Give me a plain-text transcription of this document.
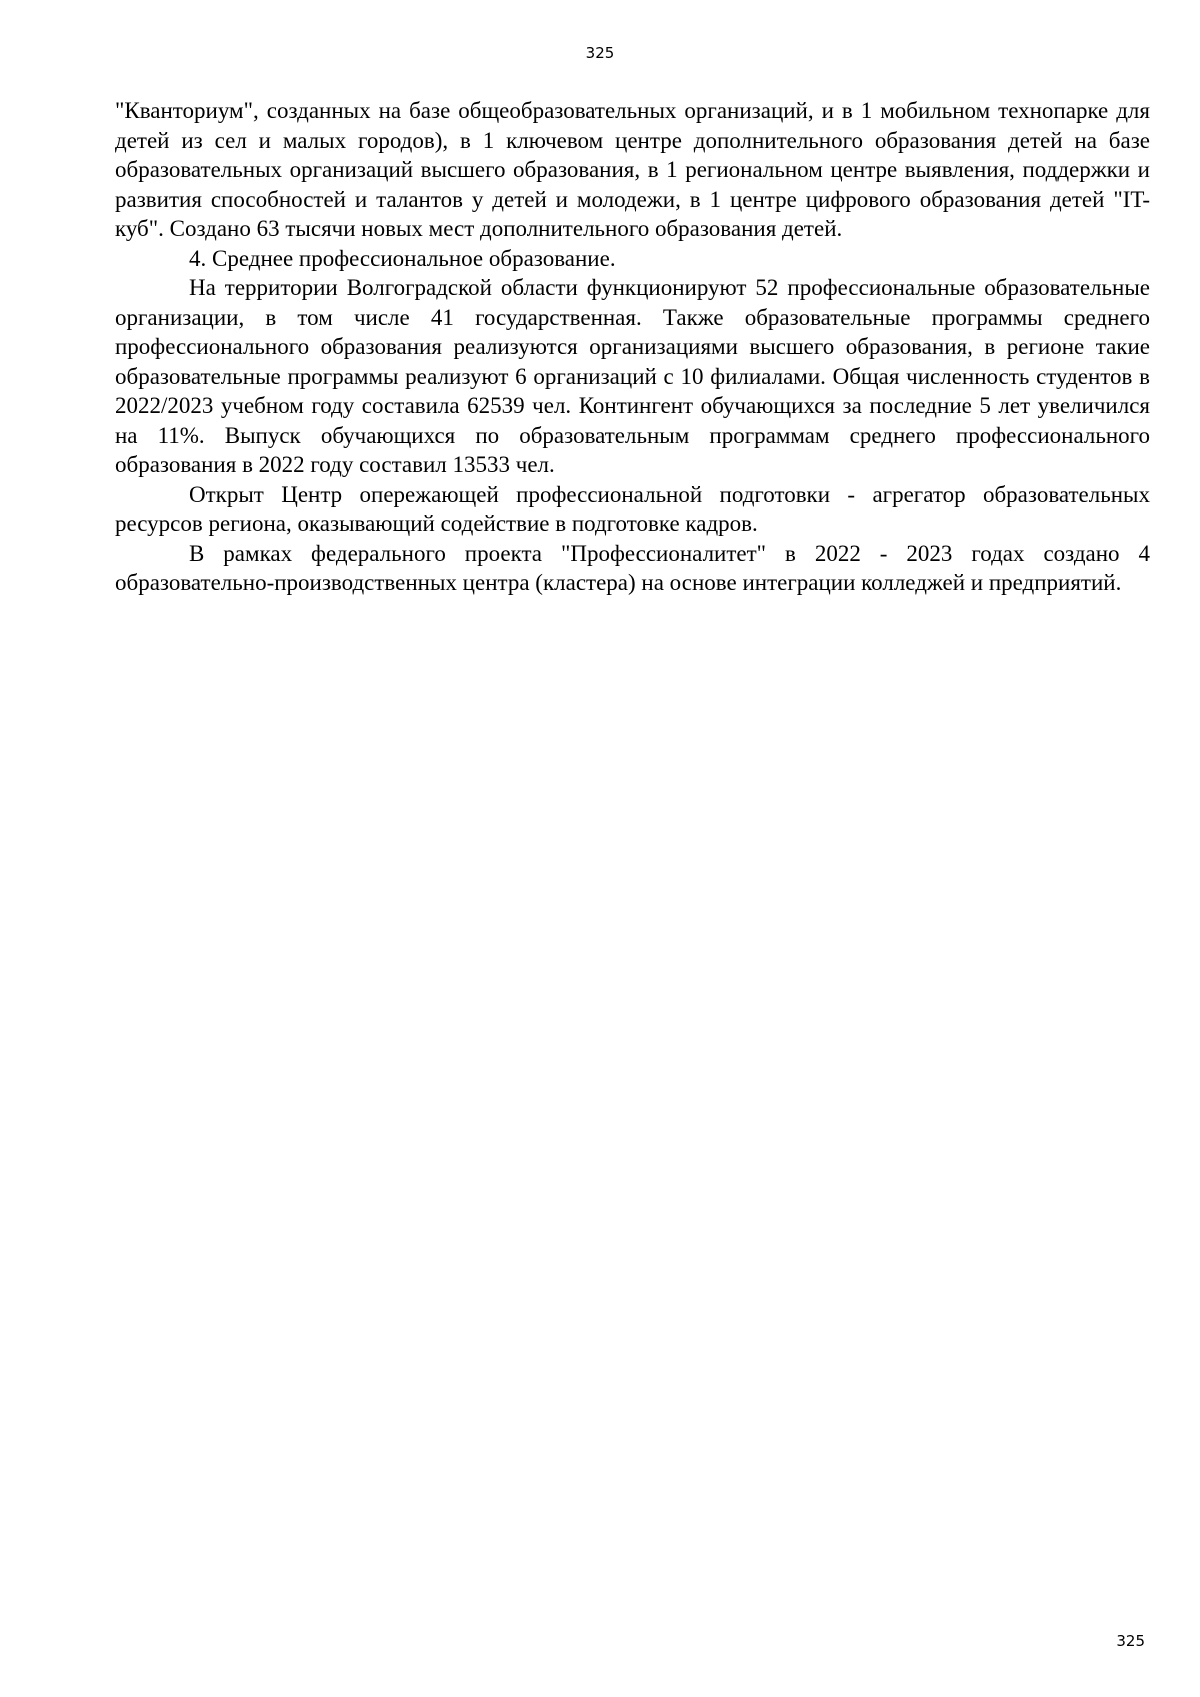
325

"Кванториум", созданных на базе общеобразовательных организаций, и в 1 мобильном технопарке для детей из сел и малых городов), в 1 ключевом центре дополнительного образования детей на базе образовательных организаций высшего образования, в 1 региональном центре выявления, поддержки и развития способностей и талантов у детей и молодежи, в 1 центре цифрового образования детей "IT-куб". Создано 63 тысячи новых мест дополнительного образования детей.

4. Среднее профессиональное образование.

На территории Волгоградской области функционируют 52 профессиональные образовательные организации, в том числе 41 государственная. Также образовательные программы среднего профессионального образования реализуются организациями высшего образования, в регионе такие образовательные программы реализуют 6 организаций с 10 филиалами. Общая численность студентов в 2022/2023 учебном году составила 62539 чел. Контингент обучающихся за последние 5 лет увеличился на 11%. Выпуск обучающихся по образовательным программам среднего профессионального образования в 2022 году составил 13533 чел.

Открыт Центр опережающей профессиональной подготовки - агрегатор образовательных ресурсов региона, оказывающий содействие в подготовке кадров.

В рамках федерального проекта "Профессионалитет" в 2022 - 2023 годах создано 4 образовательно-производственных центра (кластера) на основе интеграции колледжей и предприятий.

325
